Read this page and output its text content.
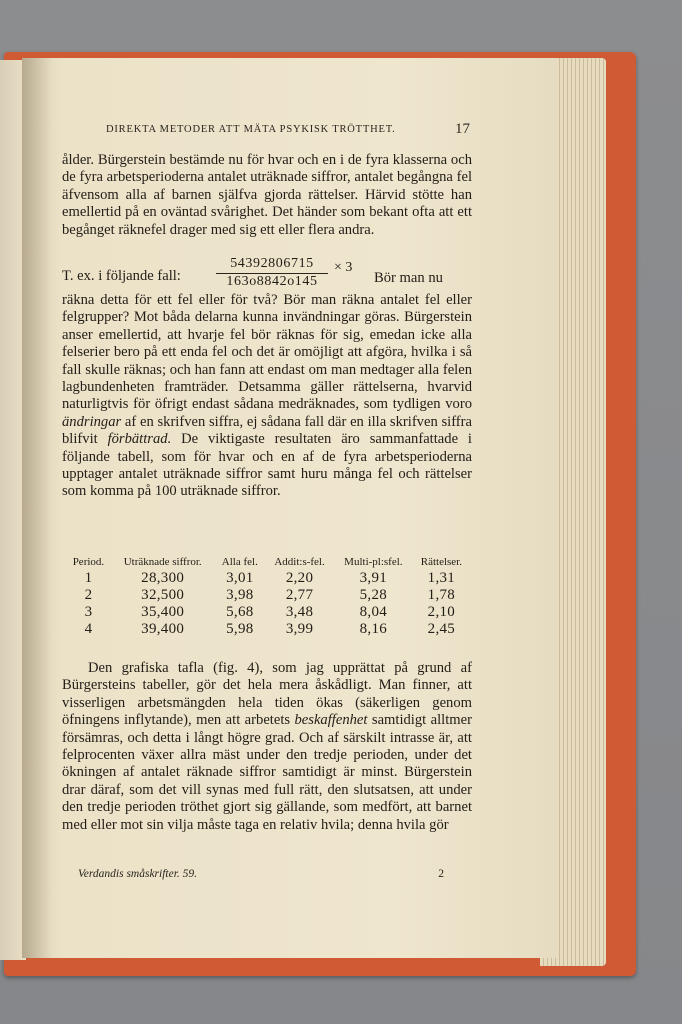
DIREKTA METODER ATT MÄTA PSYKISK TRÖTTHET.	17

ålder. Bürgerstein bestämde nu för hvar och en i de fyra klasserna och de fyra arbetsperioderna antalet uträknade siffror, antalet begångna fel äfvensom alla af barnen själfva gjorda rättelser. Härvid stötte han emellertid på en oväntad svårighet. Det händer som bekant ofta att ett begånget räknefel drager med sig ett eller flera andra.

T. ex. i följande fall:	$\frac{54392806715}{163o8842o145} \times 3$
Bör man nu

räkna detta för ett fel eller för två? Bör man räkna antalet fel eller felgrupper? Mot båda delarna kunna invändningar göras. Bürgerstein anser emellertid, att hvarje fel bör räknas för sig, emedan icke alla felserier bero på ett enda fel och det är omöjligt att afgöra, hvilka i så fall skulle räknas; och han fann att endast om man medtager alla felen lagbundenheten framträder. Detsamma gäller rättelserna, hvarvid naturligtvis för öfrigt endast sådana medräknades, som tydligen voro ändringar af en skrifven siffra, ej sådana fall där en illa skrifven siffra blifvit förbättrad. De viktigaste resultaten äro sammanfattade i följande tabell, som för hvar och en af de fyra arbetsperioderna upptager antalet uträknade siffror samt huru många fel och rättelser som komma på 100 uträknade siffror.

Period.	Uträknade siffror.	Alla fel.	Addit:s-fel.	Multi-pl:sfel.	Rättelser.
1	28,300	3,01	2,20	3,91	1,31
2	32,500	3,98	2,77	5,28	1,78
3	35,400	5,68	3,48	8,04	2,10
4	39,400	5,98	3,99	8,16	2,45

Den grafiska tafla (fig. 4), som jag upprättat på grund af Bürgersteins tabeller, gör det hela mera åskådligt. Man finner, att visserligen arbetsmängden hela tiden ökas (säkerligen genom öfningens inflytande), men att arbetets beskaffenhet samtidigt alltmer försämras, och detta i långt högre grad. Och af särskilt intrasse är, att felprocenten växer allra mäst under den tredje perioden, under det ökningen af antalet räknade siffror samtidigt är minst. Bürgerstein drar däraf, som det vill synas med full rätt, den slutsatsen, att under den tredje perioden tröthet gjort sig gällande, som medfört, att barnet med eller mot sin vilja måste taga en relativ hvila; denna hvila gör

Verdandis småskrifter. 59.	2
